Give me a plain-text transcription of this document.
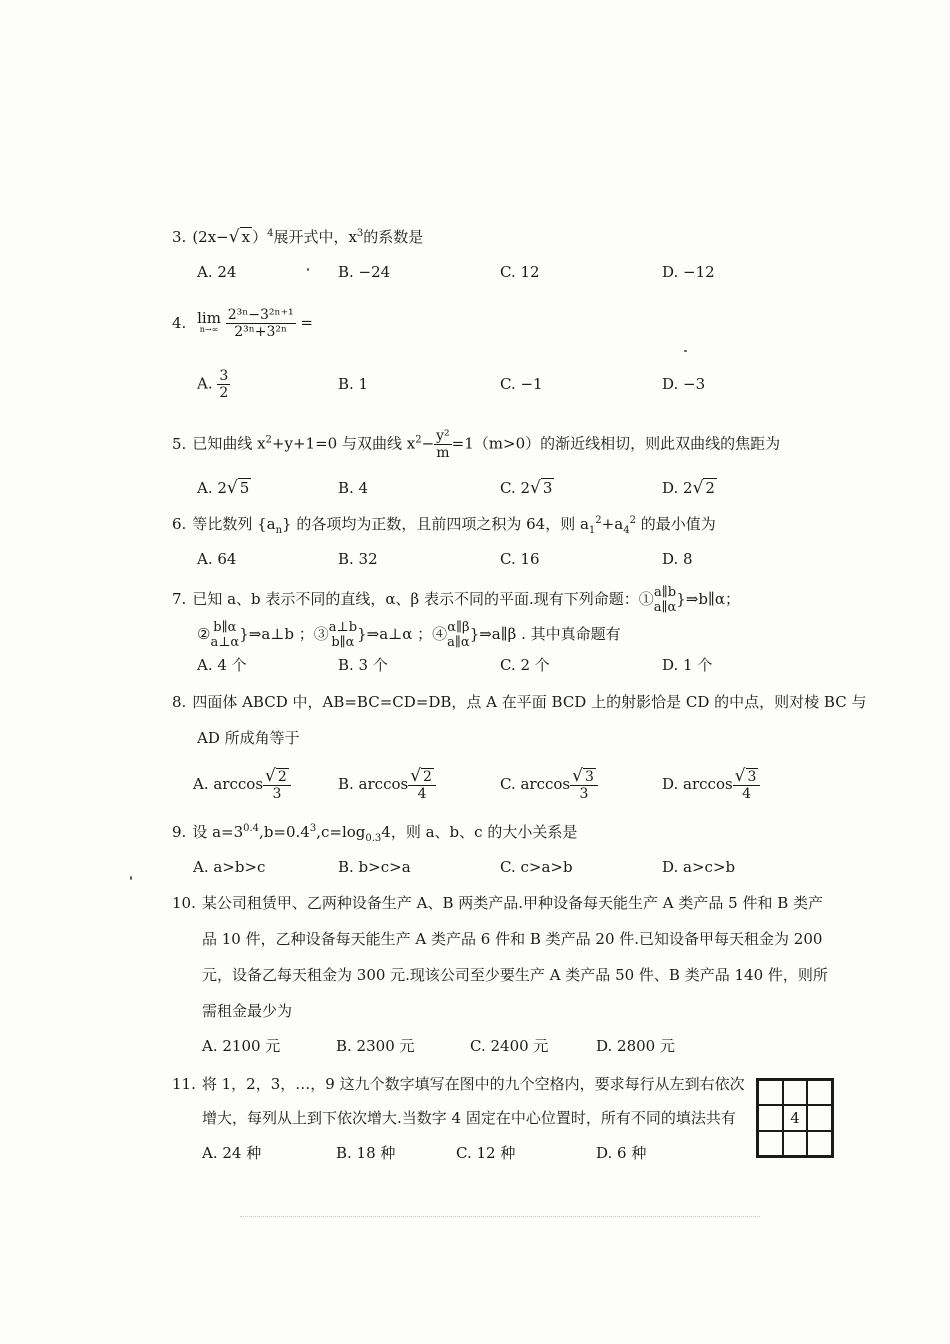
3. (2x−√ x ）$^4$展开式中，$x^3$的系数是
A. 24	B. −24	C. 12	D. −12
4. lim
n→∞
$\frac{\text{2³ⁿ−3²ⁿ⁺¹}}{\text{2³ⁿ+3²ⁿ}}$ =
A. $\frac{3}{2}$	B. 1	C. −1	D. −3
5. 已知曲线 $x^2+y+1=0$ 与双曲线 $x^2- \frac{\text{y²}}{m} =1(m>0)$的渐近线相切，则此双曲线的焦距为
A. 2√ 5	B. 4	C. 2√ 3	D. 2√ 2
6. 等比数列 $\{a_n\}$ 的各项均为正数，且前四项之积为 64，则 $a_1^2+a_4^2$ 的最小值为
A. 64	B. 32	C. 16	D. 8
7. 已知 a、b 表示不同的直线，α、β 表示不同的平面.现有下列命题：① a∥b
a∥α }⇒b∥α；
② b∥α
a⊥α }⇒a⊥b ；③ a⊥b
b∥α }⇒a⊥α ；④ α∥β
a∥α }⇒a∥β . 其中真命题有
A. 4 个	B. 3 个	C. 2 个	D. 1 个
8. 四面体 ABCD 中，AB=BC=CD=DB，点 A 在平面 BCD 上的射影恰是 CD 的中点，则对棱 BC 与
AD 所成角等于
A. $\arccos \frac{√ 2}{3}$	B. $\arccos \frac{√ 2}{4}$	C. $\arccos \frac{√ 3}{3}$	D. $\arccos \frac{√ 3}{4}$
9. 设 $a=3^{0.4},b=0.4^3,c=\log_{0.3}4$，则 a、b、c 的大小关系是
A. a>b>c	B. b>c>a	C. c>a>b	D. a>c>b
10. 某公司租赁甲、乙两种设备生产 A、B 两类产品.甲种设备每天能生产 A 类产品 5 件和 B 类产
品 10 件，乙种设备每天能生产 A 类产品 6 件和 B 类产品 20 件.已知设备甲每天租金为 200
元，设备乙每天租金为 300 元.现该公司至少要生产 A 类产品 50 件、B 类产品 140 件，则所
需租金最少为
A. 2100 元	B. 2300 元	C. 2400 元	D. 2800 元
11. 将 1，2，3，…，9 这九个数字填写在图中的九个空格内，要求每行从左到右依次
增大，每列从上到下依次增大.当数字 4 固定在中心位置时，所有不同的填法共有
A. 24 种	B. 18 种	C. 12 种	D. 6 种
4
